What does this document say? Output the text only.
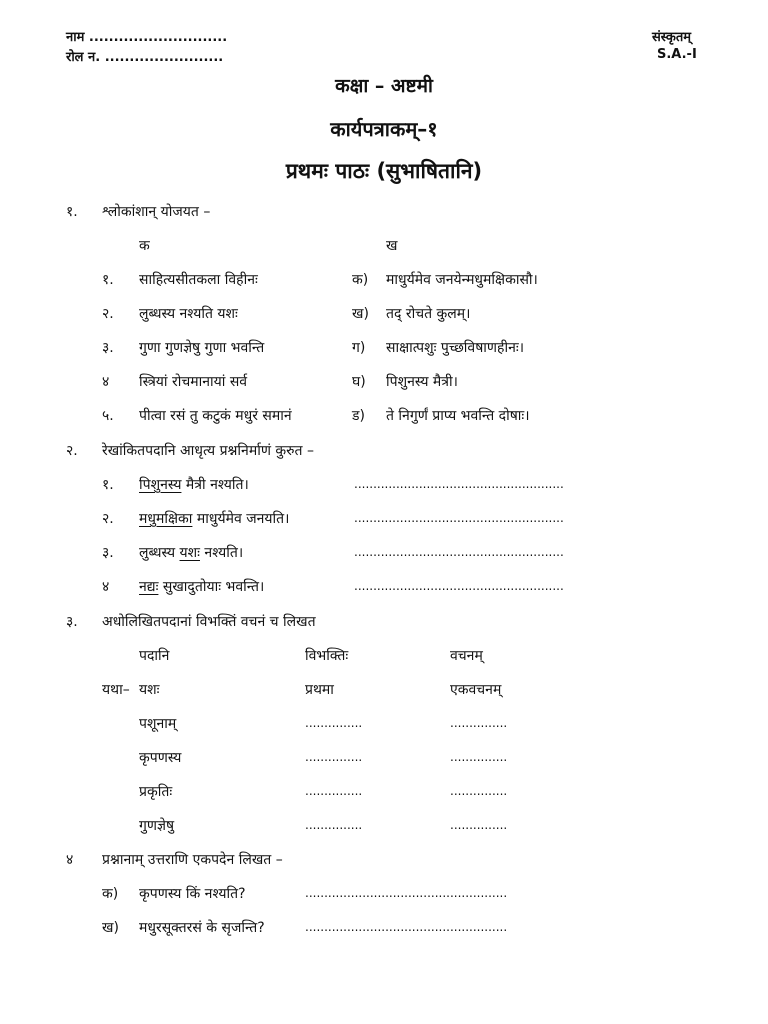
नाम ............................
रोल न. ........................
संस्कृतम्
S.A.-I
कक्षा – अष्टमी
कार्यपत्राकम्–१
प्रथमः पाठः (सुभाषितानि)
१. श्लोकांशान् योजयत –
क	ख
१. साहित्यसीतकला विहीनः	क) माधुर्यमेव जनयेन्मधुमक्षिकासौ।
२. लुब्धस्य नश्यति यशः	ख) तद् रोचते कुलम्।
३. गुणा गुणज्ञेषु गुणा भवन्ति	ग) साक्षात्पशुः पुच्छविषाणहीनः।
४ स्त्रियां रोचमानायां सर्व	घ) पिशुनस्य मैत्री।
५. पीत्वा रसं तु कटुकं मधुरं समानं	ड) ते निगुर्णं प्राप्य भवन्ति दोषाः।
२. रेखांकितपदानि आधृत्य प्रश्ननिर्माणं कुरुत –
१. पिशुनस्य मैत्री नश्यति।	.......................................................
२. मधुमक्षिका माधुर्यमेव जनयति।	.......................................................
३. लुब्धस्य यशः नश्यति।	.......................................................
४ नद्यः सुखादुतोयाः भवन्ति।	.......................................................
३. अधोलिखितपदानां विभक्तिं वचनं च लिखत
पदानि	विभक्तिः	वचनम्
यथा– यशः	प्रथमा	एकवचनम्
पशूनाम्	...............	...............
कृपणस्य	...............	...............
प्रकृतिः	...............	...............
गुणज्ञेषु	...............	...............
४ प्रश्नानाम् उत्तराणि एकपदेन लिखत –
क) कृपणस्य किं नश्यति?	.....................................................
ख) मधुरसूक्तरसं के सृजन्ति?	.....................................................
